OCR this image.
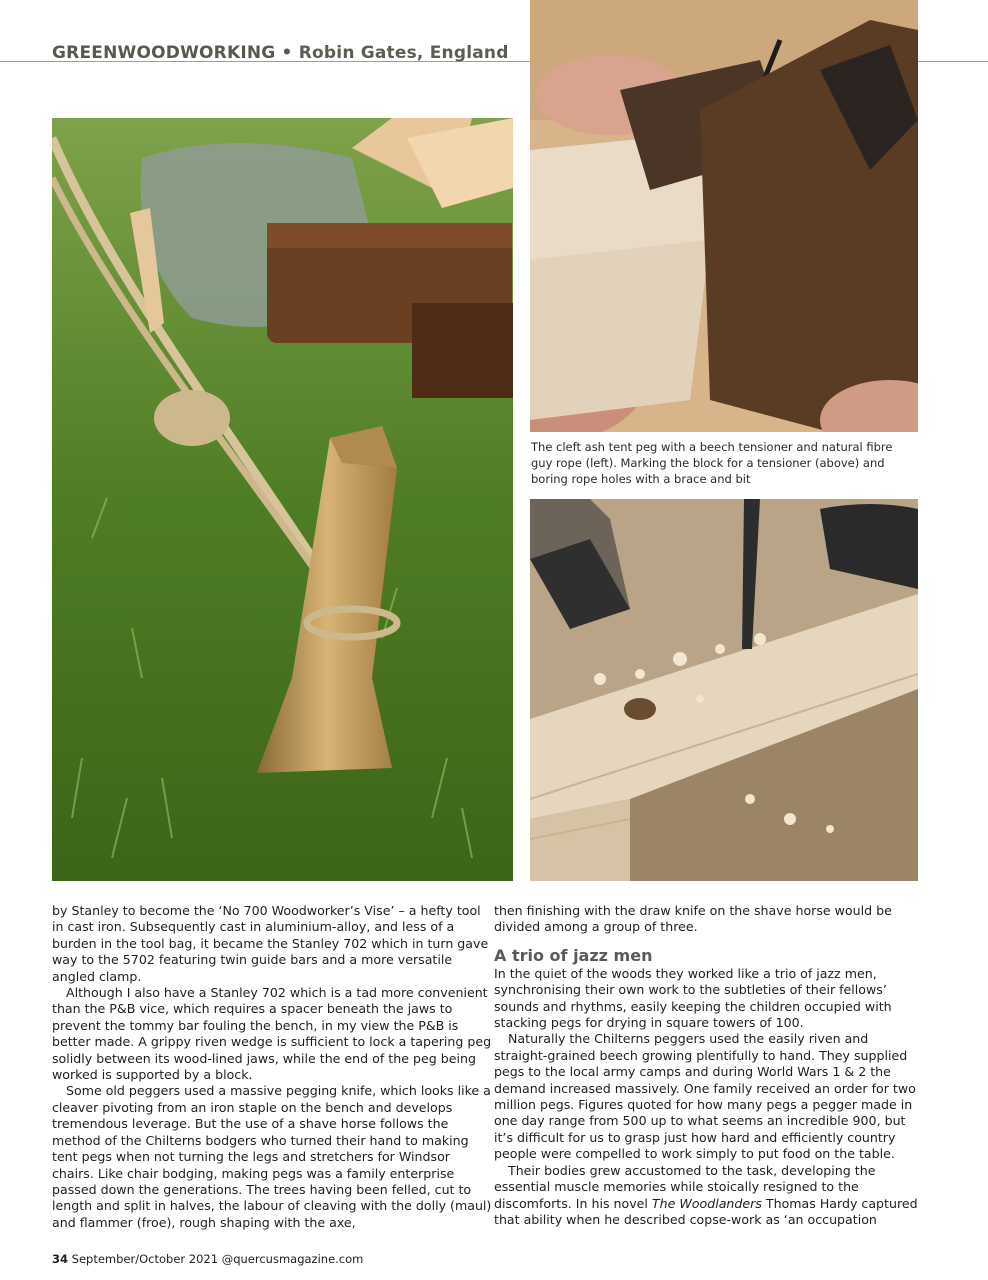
GREENWOODWORKING • Robin Gates, England
The cleft ash tent peg with a beech tensioner and natural fibre guy rope (left). Marking the block for a tensioner (above) and boring rope holes with a brace and bit

by Stanley to become the ‘No 700 Woodworker’s Vise’ – a hefty tool in cast iron. Subsequently cast in aluminium-alloy, and less of a burden in the tool bag, it became the Stanley 702 which in turn gave way to the 5702 featuring twin guide bars and a more versatile angled clamp.

Although I also have a Stanley 702 which is a tad more convenient than the P&B vice, which requires a spacer beneath the jaws to prevent the tommy bar fouling the bench, in my view the P&B is better made. A grippy riven wedge is sufficient to lock a tapering peg solidly between its wood-lined jaws, while the end of the peg being worked is supported by a block.

Some old peggers used a massive pegging knife, which looks like a cleaver pivoting from an iron staple on the bench and develops tremendous leverage. But the use of a shave horse follows the method of the Chilterns bodgers who turned their hand to making tent pegs when not turning the legs and stretchers for Windsor chairs. Like chair bodging, making pegs was a family enterprise passed down the generations. The trees having been felled, cut to length and split in halves, the labour of cleaving with the dolly (maul) and flammer (froe), rough shaping with the axe,

then finishing with the draw knife on the shave horse would be divided among a group of three.

A trio of jazz men

In the quiet of the woods they worked like a trio of jazz men, synchronising their own work to the subtleties of their fellows’ sounds and rhythms, easily keeping the children occupied with stacking pegs for drying in square towers of 100.

Naturally the Chilterns peggers used the easily riven and straight-grained beech growing plentifully to hand. They supplied pegs to the local army camps and during World Wars 1 & 2 the demand increased massively. One family received an order for two million pegs. Figures quoted for how many pegs a pegger made in one day range from 500 up to what seems an incredible 900, but it’s difficult for us to grasp just how hard and efficiently country people were compelled to work simply to put food on the table.

Their bodies grew accustomed to the task, developing the essential muscle memories while stoically resigned to the discomforts. In his novel The Woodlanders Thomas Hardy captured that ability when he described copse-work as ‘an occupation

34 September/October 2021 @quercusmagazine.com
